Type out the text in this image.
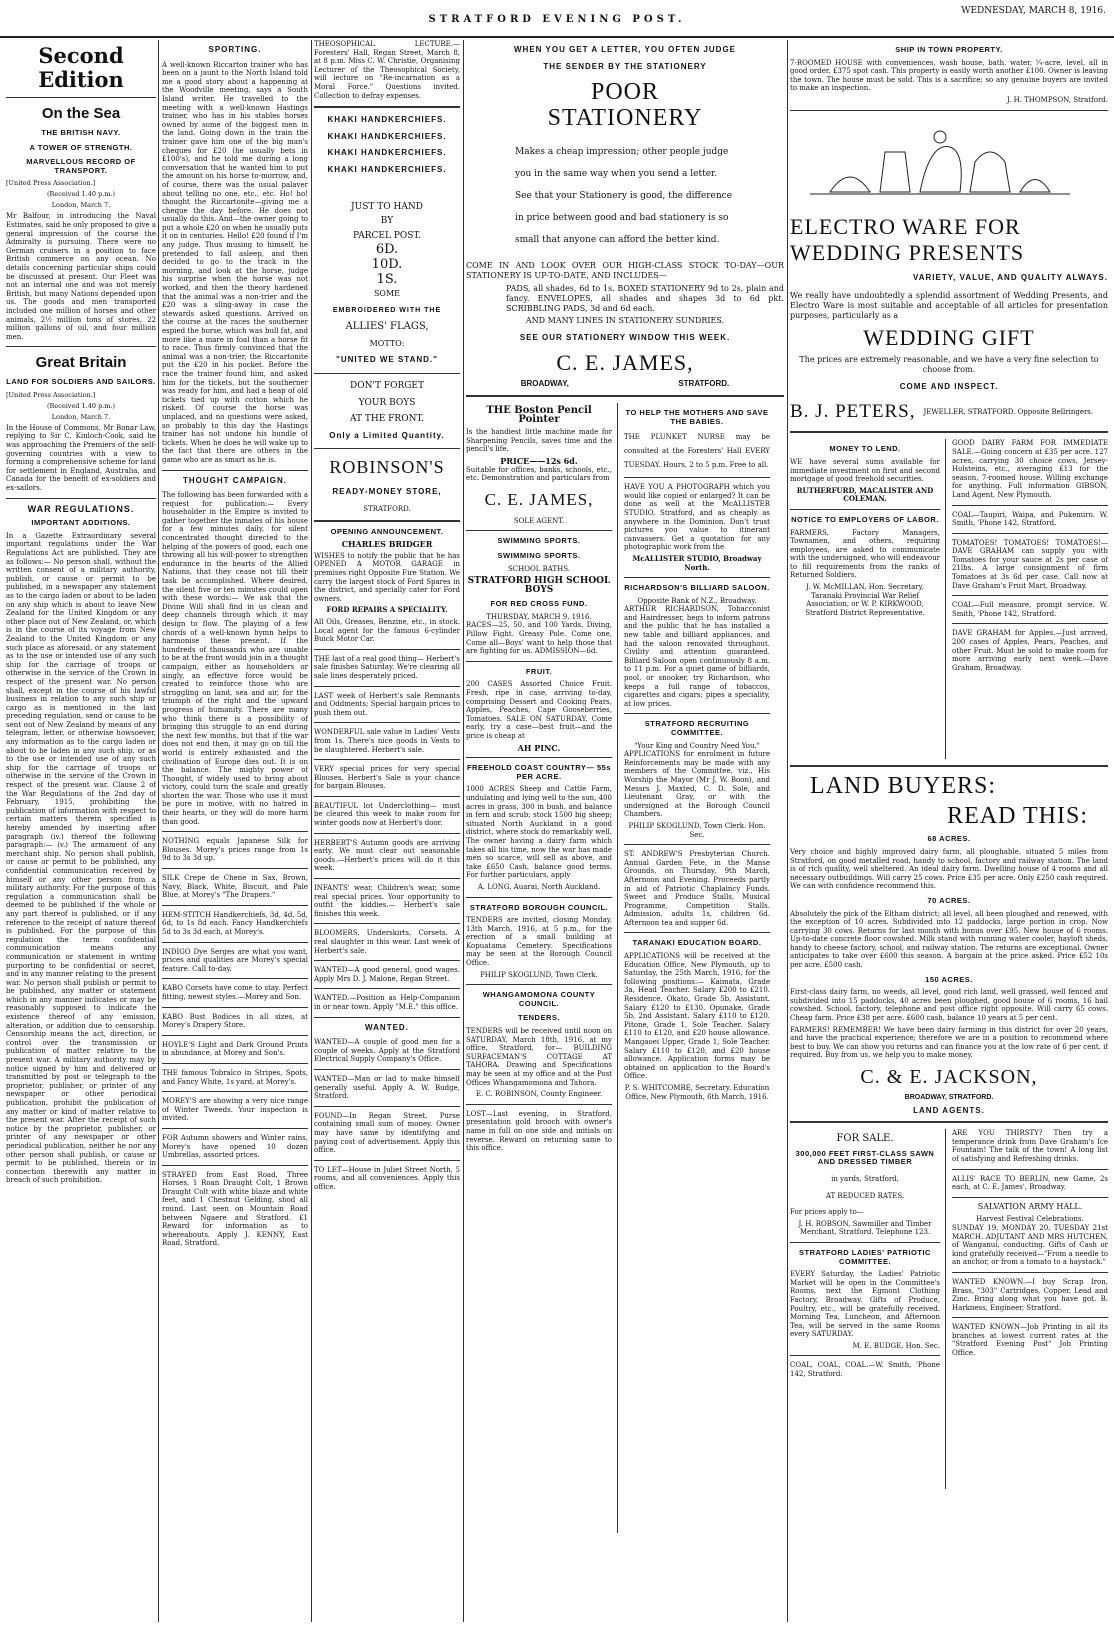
STRATFORD EVENING POST.
WEDNESDAY, MARCH 8, 1916.
Second Edition
On the Sea
THE BRITISH NAVY.
A TOWER OF STRENGTH.
MARVELLOUS RECORD OF TRANSPORT.

[United Press Association.]

(Received 1.40 p.m.)

London, March 7.

Mr Balfour, in introducing the Naval Estimates, said he only proposed to give a general impression of the course the Admiralty is pursuing. There were no German cruisers in a position to face British commerce on any ocean. No details concerning particular ships could be discussed at present. Our Fleet was not an internal one and was not merely British, but many Nations depended upon us. The goods and men transported included one million of horses and other animals, 2½ million tons of stores, 22 million gallons of oil, and four million men.

Great Britain
LAND FOR SOLDIERS AND SAILORS.

[United Press Association.]

(Received 1.40 p.m.)

London, March 7.

In the House of Commons, Mr Bonar Law, replying to Sir C. Kinloch-Cook, said he was approaching the Premiers of the self-governing countries with a view to forming a comprehensive scheme for land for settlement in England, Australia, and Canada for the benefit of ex-soldiers and ex-sailors.

WAR REGULATIONS.
IMPORTANT ADDITIONS.

In a Gazette Extraordinary several important regulations under the War Regulations Act are published. They are as follows:— No person shall, without the written consent of a military authority, publish, or cause or permit to be published, in a newspaper any statement as to the cargo laden or about to be laden on any ship which is about to leave New Zealand for the United Kingdom or any other place out of New Zealand, or, which is in the course of its voyage from New Zealand to the United Kingdom or any such place as aforesaid, or any statement as to the use or intended use of any such ship for the carriage of troops or otherwise in the service of the Crown in respect of the present war. No person shall, except in the course of his lawful business in relation to any such ship or cargo as is mentioned in the last preceding regulation, send or cause to be sent out of New Zealand by means of any telegram, letter, or otherwise howsoever, any information as to the cargo laden or about to be laden in any such ship, or as to the use or intended use of any such ship for the carriage of troops or otherwise in the service of the Crown in respect of the present war. Clause 2 of the War Regulations of the 2nd day of February, 1915, prohibiting the publication of information with respect to certain matters therein specified is hereby amended by inserting after paragraph (iv.) thereof the following paragraph:— (v.) The armament of any merchant ship. No person shall publish, or cause or permit to be published, any confidential communication received by himself or any other person from a military authority. For the purpose of this regulation a communication shall be deemed to be published if the whole or any part thereof is published, or if any reference to the receipt of nature thereof is published. For the purpose of this regulation the term confidential communication means any communication or statement in writing purporting to be confidential or secret, and in any manner relating to the present war. No person shall publish or permit to be published, any matter or statement which in any manner indicates or may be reasonably supposed to indicate the existence thereof of any emission, alteration, or addition due to censorship. Censorship means the act, direction, or control over the transmission or publication of matter relative to the present war. A military authority may by notice signed by him and delivered or transmitted by post or telegraph to the proprietor, publisher, or printer of any newspaper or other periodical publication, prohibit the publication of any matter or kind of matter relative to the present war. After the receipt of such notice by the proprietor, publisher, or printer of any newspaper or other periodical publication, neither he nor any other person shall publish, or cause or permit to be published, therein or in connection therewith any matter in breach of such prohibition.

SPORTING.

A well-known Riccarton trainer who has been on a jaunt to the North Island told me a good story about a happening at the Woodville meeting, says a South Island writer. He travelled to the meeting with a well-known Hastings trainer, who has in his stables horses owned by some of the biggest men in the land. Going down in the train the trainer gave him one of the big man's cheques for £20 (he usually bets in £100's), and he told me during a long conversation that he wanted him to put the amount on his horse to-morrow, and, of course, there was the usual palaver about telling no one, etc., etc. Ho! ho! thought the Riccartonite—giving me a cheque the day before. He does not usually do this. And—the owner going to put a whole £20 on when he usually puts it on in centuries. Hello! £20 found if I'm any judge. Thus musing to himself, he pretended to fall asleep, and then decided to go to the track in the morning, and look at the horse, judge his surprise when the horse was not worked, and then the theory hardened that the animal was a non-trier and the £20 was a sling-away in case the stewards asked questions. Arrived on the course at the races the southerner espied the horse, which was bull fat, and more like a mare in foal than a horse fit to race. Thus firmly convinced that the animal was a non-trier, the Riccartonite put the £20 in his pocket. Before the race the trainer found him, and asked him for the tickets, but the southerner was ready for him, and had a heap of old tickets tied up with cotton which he risked. Of course the horse was unplaced, and no questions were asked, so probably to this day the Hastings trainer has not undone his bundle of tickets. When he does he will wake up to the fact that there are others in the game who are as smart as he is.

THOUGHT CAMPAIGN.

The following has been forwarded with a request for publication:— Every householder in the Empire is invited to gather together the inmates of his house for a few minutes daily, for silent concentrated thought directed to the helping of the powers of good, each one throwing all his will-power to strengthen endurance in the hearts of the Allied Nations, that they cease not till their task be accomplished. Where desired, the silent five or ten minutes could open with these words:— We ask that the Divine Will shall find in us clean and deep channels through which it may design to flow. The playing of a few chords of a well-known hymn helps to harmonise these present. If the hundreds of thousands who are unable to be at the front would join in a thought campaign, either as householders or singly, an effective force would be created to reinforce those who are struggling on land, sea and air, for the triumph of the right and the upward progress of humanity. There are many who think there is a possibility of bringing this struggle to an end during the next few months, but that if the war does not end then, it may go on till the world is entirely exhausted and the civilisation of Europe dies out. It is on the balance. The mighty power of Thought, if widely used to bring about victory, could turn the scale and greatly shorten the war. Those who use it must be pure in motive, with no hatred in their hearts, or they will do more harm than good.

NOTHING equals Japanese Silk for Blouses. Morey's prices range from 1s 9d to 3s 3d up.

SILK Crepe de Chene in Sax, Brown, Navy, Black, White, Biscuit, and Pale Blue, at Morey's "The Drapers."

HEM-STITCH Handkerchiefs, 3d, 4d, 5d, 6d, to 1s 8d each. Fancy Handkerchiefs 5d to 3s 3d each, at Morey's.

INDIGO Dye Serges are what you want, prices and qualities are Morey's special feature. Call to-day.

KABO Corsets have come to stay. Perfect fitting, newest styles.—Morey and Son.

KABO Bust Bodices in all sizes, at Morey's Drapery Store.

HOYLE'S Light and Dark Ground Prints in abundance, at Morey and Son's.

THE famous Tobralco in Stripes, Spots, and Fancy White, 1s yard, at Morey's.

MOREY'S are showing a very nice range of Winter Tweeds. Your inspection is invited.

FOR Autumn showers and Winter rains, Morey's have opened 10 dozen Umbrellas, assorted prices.

STRAYED from East Road, Three Horses, 1 Roan Draught Colt, 1 Brown Draught Colt with white blaze and white feet, and 1 Chestnut Gelding, shod all round. Last seen on Mountain Road between Ngaere and Stratford. £1 Reward for information as to whereabouts. Apply J. KENNY, East Road, Stratford.

THEOSOPHICAL LECTURE.— Foresters' Hall, Regan Street, March 8, at 8 p.m. Miss C. W. Christie, Organising Lecturer of the Theosophical Society, will lecture on "Re-incarnation as a Moral Force." Questions invited. Collection to defray expenses.

KHAKI HANDKERCHIEFS.
KHAKI HANDKERCHIEFS.
KHAKI HANDKERCHIEFS.
KHAKI HANDKERCHIEFS.
JUST TO HAND
BY
PARCEL POST.
6D.
10D.
1S.
SOME
EMBROIDERED WITH THE
ALLIES' FLAGS,
MOTTO:
"UNITED WE STAND."
DON'T FORGET
YOUR BOYS
AT THE FRONT.
Only a Limited Quantity.
ROBINSON'S
READY-MONEY STORE,
STRATFORD.
OPENING ANNOUNCEMENT.
CHARLES BRIDGER

WISHES to notify the public that he has OPENED A MOTOR GARAGE in premises right Opposite Fire Station. We carry the largest stock of Ford Spares in the district, and specially cater for Ford owners.

FORD REPAIRS A SPECIALITY.

All Oils, Greases, Benzine, etc., in stock. Local agent for the famous 6-cylinder Buick Motor Car.

THE last of a real good thing— Herbert's sale finishes Saturday. We're clearing all sale lines desperately priced.

LAST week of Herbert's sale Remnants and Oddments; Special bargain prices to push them out.

WONDERFUL sale value in Ladies' Vests from 1s. There's nice goods in Vests to be slaughtered. Herbert's sale.

VERY special prices for very special Blouses. Herbert's Sale is your chance for bargain Blouses.

BEAUTIFUL lot Underclothing— must be cleared this week to make room for winter goods now at Herbert's door.

HERBERT'S Autumn goods are arriving early. We must clear out seasonable goods.—Herbert's prices will do it this week.

INFANTS' wear, Children's wear, some real special prices. Your opportunity to outfit the kiddies.— Herbert's sale finishes this week.

BLOOMERS, Underskirts, Corsets. A real slaughter in this wear. Last week of Herbert's sale.

WANTED—A good general, good wages. Apply Mrs D. J. Malone, Regan Street.

WANTED.—Position as Help-Companion in or near town. Apply "M.E." this office.

WANTED.

WANTED—A couple of good men for a couple of weeks. Apply at the Stratford Electrical Supply Company's Office.

WANTED—Man or lad to make himself generally useful. Apply A. W. Budge, Stratford.

FOUND—In Regan Street, Purse containing small sum of money. Owner may have same by identifying and paying cost of advertisement. Apply this office.

TO LET—House in Juliet Street North, 5 rooms, and all conveniences. Apply this office.

WHEN YOU GET A LETTER, YOU OFTEN JUDGE
THE SENDER BY THE STATIONERY
POOR
STATIONERY

Makes a cheap impression; other people judge you in the same way when you send a letter. See that your Stationery is good, the difference in price between good and bad stationery is so small that anyone can afford the better kind.

COME IN AND LOOK OVER OUR HIGH-CLASS STOCK TO-DAY—OUR STATIONERY IS UP-TO-DATE, AND INCLUDES—

PADS, all shades, 6d to 1s. BOXED STATIONERY 9d to 2s, plain and fancy. ENVELOPES, all shades and shapes 3d to 6d pkt. SCRIBBLING PADS, 3d and 6d each.

AND MANY LINES IN STATIONERY SUNDRIES.

SEE OUR STATIONERY WINDOW THIS WEEK.
C. E. JAMES,
BROADWAY,	STRATFORD.
THE Boston Pencil Pointer

Is the handiest little machine made for Sharpening Pencils, saves time and the pencil's life.

PRICE——12s 6d.

Suitable for offices, banks, schools, etc., etc. Demonstration and particulars from

C. E. JAMES,
SOLE AGENT.
SWIMMING SPORTS.
SWIMMING SPORTS.
SCHOOL BATHS.
STRATFORD HIGH SCHOOL BOYS
FOR RED CROSS FUND.
THURSDAY, MARCH 9, 1916.

RACES—25, 50, and 100 Yards. Diving, Pillow Fight. Greasy Pole. Come one, Come all—Boys' want to help those that are fighting for us. ADMISSION—6d.

FRUIT.

200 CASES Assorted Choice Fruit. Fresh, ripe in case, arriving to-day, comprising Dessert and Cooking Pears, Apples, Peaches, Cape Gooseberries, Tomatoes. SALE ON SATURDAY. Come early, try a case—best fruit—and the price is cheap at

AH PINC.
FREEHOLD COAST COUNTRY— 55s PER ACRE.

1000 ACRES Sheep and Cattle Farm, undulating and lying well to the sun, 400 acres in grass, 300 in bush, and balance in fern and scrub; stock 1500 big sheep; situated North Auckland in a good district, where stock do remarkably well. The owner having a dairy farm which takes all his time, now the war has made men so scarce, will sell as above, and take £650 Cash, balance good terms. For further particulars, apply

A. LONG, Auarai, North Auckland.

STRATFORD BOROUGH COUNCIL.

TENDERS are invited, closing Monday, 13th March, 1916, at 5 p.m., for the erection of a small building at Kopuatama Cemetery. Specifications may be seen at the Borough Council Office.

PHILIP SKOGLUND, Town Clerk.

WHANGAMOMONA COUNTY COUNCIL.
TENDERS.

TENDERS will be received until noon on SATURDAY, March 18th, 1916, at my office, Stratford, for— BUILDING SURFACEMAN'S COTTAGE AT TAHORA. Drawing and Specifications may be seen at my office and at the Post Offices Whangamomona and Tahora.

E. C. ROBINSON, County Engineer.

LOST—Last evening, in Stratford, presentation gold brooch with owner's name in full on one side and initials on reverse. Reward on returning same to this office.

TO HELP THE MOTHERS AND SAVE THE BABIES.

THE PLUNKET NURSE may be consulted at the Foresters' Hall EVERY TUESDAY. Hours, 2 to 5 p.m. Free to all.

HAVE YOU A PHOTOGRAPH which you would like copied or enlarged? It can be done as well at the McALLISTER STUDIO, Stratford, and as cheaply as anywhere in the Dominion. Don't trust pictures you value to itinerant canvassers. Get a quotation for any photographic work from the

McALLISTER STUDIO, Broadway North.

RICHARDSON'S BILLIARD SALOON.
Opposite Bank of N.Z., Broadway.

ARTHUR RICHARDSON, Tobacconist and Hairdresser, begs to inform patrons and the public that he has installed a new table and billiard appliances, and had the saloon renovated throughout. Civility and attention guaranteed. Billiard Saloon open continuously 8 a.m. to 11 p.m. For a quiet game of billiards, pool, or snooker, try Richardson, who keeps a full range of tobaccos, cigarettes and cigars; pipes a speciality, at low prices.

STRATFORD RECRUITING COMMITTEE.
"Your King and Country Need You."

APPLICATIONS for enrolment in future Reinforcements may be made with any members of the Committee, viz., His Worship the Mayor (Mr J. W. Boon), and Messrs J. Maxted, C. D. Sole, and Lieutenant Gray, or with the undersigned at the Borough Council Chambers.

PHILIP SKOGLUND, Town Clerk. Hon. Sec.

ST. ANDREW'S Presbyterian Church. Annual Garden Fete, in the Manse Grounds, on Thursday, 9th March, Afternoon and Evening. Proceeds partly in aid of Patriotic Chaplaincy Funds. Sweet and Produce Stalls, Musical Programme, Competition Stalls. Admission, adults 1s, children 6d. Afternoon tea and supper 6d.

TARANAKI EDUCATION BOARD.

APPLICATIONS will be received at the Education Office, New Plymouth, up to Saturday, the 25th March, 1916, for the following positions:— Kaimata, Grade 3a, Head Teacher. Salary £200 to £210. Residence. Okato, Grade 5b, Assistant. Salary £120 to £130. Opunake, Grade 5b, 2nd Assistant. Salary £110 to £120. Pitone, Grade 1, Sole Teacher. Salary £110 to £120, and £20 house allowance. Mangaoei Upper, Grade 1, Sole Teacher. Salary £110 to £120, and £20 house allowance. Application forms may be obtained on application to the Board's Office.

P. S. WHITCOMBE, Secretary. Education Office, New Plymouth, 6th March, 1916.

SHIP IN TOWN PROPERTY.

7-ROOMED HOUSE with conveniences, wash house, bath, water, ¼-acre, level, all in good order, £375 spot cash. This property is easily worth another £100. Owner is leaving the town. The house must be sold. This is a sacrifice; so any genuine buyers are invited to make an inspection.

J. H. THOMPSON, Stratford.

ELECTRO WARE FOR WEDDING PRESENTS
VARIETY, VALUE, AND QUALITY ALWAYS.

We really have undoubtedly a splendid assortment of Wedding Presents, and Electro Ware is most suitable and acceptable of all articles for presentation purposes, particularly as a

WEDDING GIFT

The prices are extremely reasonable, and we have a very fine selection to choose from.

COME AND INSPECT.
B. J. PETERS, JEWELLER, STRATFORD. Opposite Bellringers.
MONEY TO LEND.

WE have several sums available for immediate investment on first and second mortgage of good freehold securities.

RUTHERFURD, MACALISTER AND COLEMAN.

NOTICE TO EMPLOYERS OF LABOR.

FARMERS, Factory Managers, Townsmen, and others, requiring employees, are asked to communicate with the undersigned, who will endeavour to fill requirements from the ranks of Returned Soldiers.

J. W. McMILLAN, Hon. Secretary, Taranaki Provincial War Relief Association, or W. P. KIRKWOOD, Stratford District Representative.

GOOD DAIRY FARM FOR IMMEDIATE SALE.—Going concern at £35 per acre. 127 acres, carrying 30 choice cows, Jersey-Holsteins, etc., averaging £13 for the season, 7-roomed house. Willing exchange for anything. Full information GIBSON, Land Agent, New Plymouth.

COAL—Taupiri, Waipa, and Pukemiro. W. Smith, 'Phone 142, Stratford.

TOMATOES! TOMATOES! TOMATOES!—DAVE GRAHAM can supply you with Tomatoes for your sauce at 2s per case of 21lbs. A large consignment of firm Tomatoes at 3s 6d per case. Call now at Dave Graham's Fruit Mart, Broadway.

COAL—Full measure, prompt service. W. Smith, 'Phone 142, Stratford.

DAVE GRAHAM for Apples.—Just arrived, 200 cases of Apples, Pears, Peaches, and other Fruit. Must be sold to make room for more arriving early next week.—Dave Graham, Broadway.

LAND BUYERS:
READ THIS:
68 ACRES.

Very choice and highly improved dairy farm, all ploughable, situated 5 miles from Stratford, on good metalled road, handy to school, factory and railway station. The land is of rich quality, well sheltered. An ideal dairy farm. Dwelling house of 4 rooms and all necessary outbuildings. Will carry 25 cows. Price £35 per acre. Only £250 cash required. We can with confidence recommend this.

70 ACRES.

Absolutely the pick of the Eltham district; all level, all been ploughed and renewed, with the exception of 10 acres. Subdivided into 12 paddocks, large portion in crop. Now carrying 30 cows. Returns for last month with bonus over £95. New house of 6 rooms. Up-to-date concrete floor cowshed. Milk stand with running water cooler, hayloft sheds, handy to cheese factory, school, and railway station. The returns are exceptional. Owner anticipates to take over £600 this season. A bargain at the price asked. Price £52 10s per acre. £500 cash.

150 ACRES.

First-class dairy farm, no weeds, all level, good rich land, well grassed, well fenced and subdivided into 15 paddocks, 40 acres been ploughed, good house of 6 rooms, 16 bail cowshed. School, factory, telephone and post office right opposite. Will carry 65 cows. Cheap farm. Price £38 per acre. £600 cash, balance 10 years at 5 per cent.

FARMERS! REMEMBER! We have been dairy farming in this district for over 20 years, and have the practical experience; therefore we are in a position to recommend where best to buy. We can show you returns and can finance you at the low rate of 6 per cent. if required. Buy from us, we help you to make money.

C. & E. JACKSON,
BROADWAY, STRATFORD.
LAND AGENTS.
FOR SALE.
300,000 FEET FIRST-CLASS SAWN AND DRESSED TIMBER
in yards, Stratford,
AT REDUCED RATES.

For prices apply to—

J. H. ROBSON, Sawmiller and Timber Merchant, Stratford. Telephone 123.

STRATFORD LADIES' PATRIOTIC COMMITTEE.

EVERY Saturday, the Ladies' Patriotic Market will be open in the Committee's Rooms, next the Egmont Clothing Factory, Broadway. Gifts of Produce, Poultry, etc., will be gratefully received. Morning Tea, Luncheon, and Afternoon Tea, will be served in the same Rooms every SATURDAY.

M. E. BUDGE, Hon. Sec.

COAL, COAL, COAL.—W. Smith, 'Phone 142, Stratford.

ARE YOU THIRSTY? Then try a temperance drink from Dave Graham's Ice Fountain! The talk of the town! A long list of satisfying and Refreshing drinks.

ALLIS' RACE TO BERLIN, new Game, 2s each, at C. E. James', Broadway.

SALVATION ARMY HALL.
Harvest Festival Celebrations.

SUNDAY 19, MONDAY 20, TUESDAY 21st MARCH. ADJUTANT AND MRS HUTCHEN, of Wanganui, conducting. Gifts of Cash or kind gratefully received—"From a needle to an anchor, or from a tomato to a haystack."

WANTED KNOWN.—I buy Scrap Iron, Brass, "303" Cartridges, Copper, Lead and Zinc. Bring along what you have got. B. Harkness, Engineer, Stratford.

WANTED KNOWN—Job Printing in all its branches at lowest current rates at the "Stratford Evening Post" Job Printing Office.
